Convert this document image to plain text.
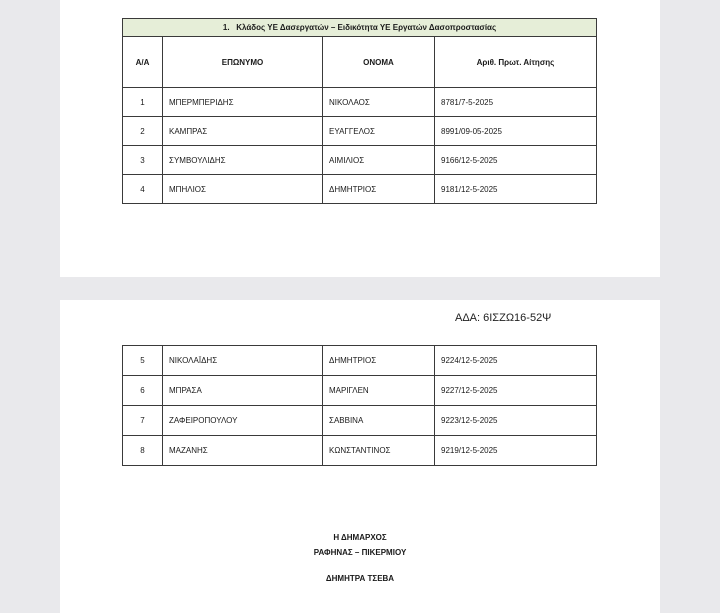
1.   Κλάδος ΥΕ Δασεργατών – Ειδικότητα ΥΕ Εργατών Δασοπροστασίας			
Α/Α	ΕΠΩΝΥΜΟ	ΟΝΟΜΑ	Αριθ. Πρωτ. Αίτησης
1	ΜΠΕΡΜΠΕΡΙΔΗΣ	ΝΙΚΟΛΑΟΣ	8781/7-5-2025
2	ΚΑΜΠΡΑΣ	ΕΥΑΓΓΕΛΟΣ	8991/09-05-2025
3	ΣΥΜΒΟΥΛΙΔΗΣ	ΑΙΜΙΛΙΟΣ	9166/12-5-2025
4	ΜΠΗΛΙΟΣ	ΔΗΜΗΤΡΙΟΣ	9181/12-5-2025
ΑΔΑ: 6ΙΣΖΩ16-52Ψ
5	ΝΙΚΟΛΑΪΔΗΣ	ΔΗΜΗΤΡΙΟΣ	9224/12-5-2025
6	ΜΠΡΑΣΑ	ΜΑΡΙΓΛΕΝ	9227/12-5-2025
7	ΖΑΦΕΙΡΟΠΟΥΛΟΥ	ΣΑΒΒΙΝΑ	9223/12-5-2025
8	ΜΑΖΑΝΗΣ	ΚΩΝΣΤΑΝΤΙΝΟΣ	9219/12-5-2025
Η ΔΗΜΑΡΧΟΣ
ΡΑΦΗΝΑΣ – ΠΙΚΕΡΜΙΟΥ
ΔΗΜΗΤΡΑ ΤΣΕΒΑ
